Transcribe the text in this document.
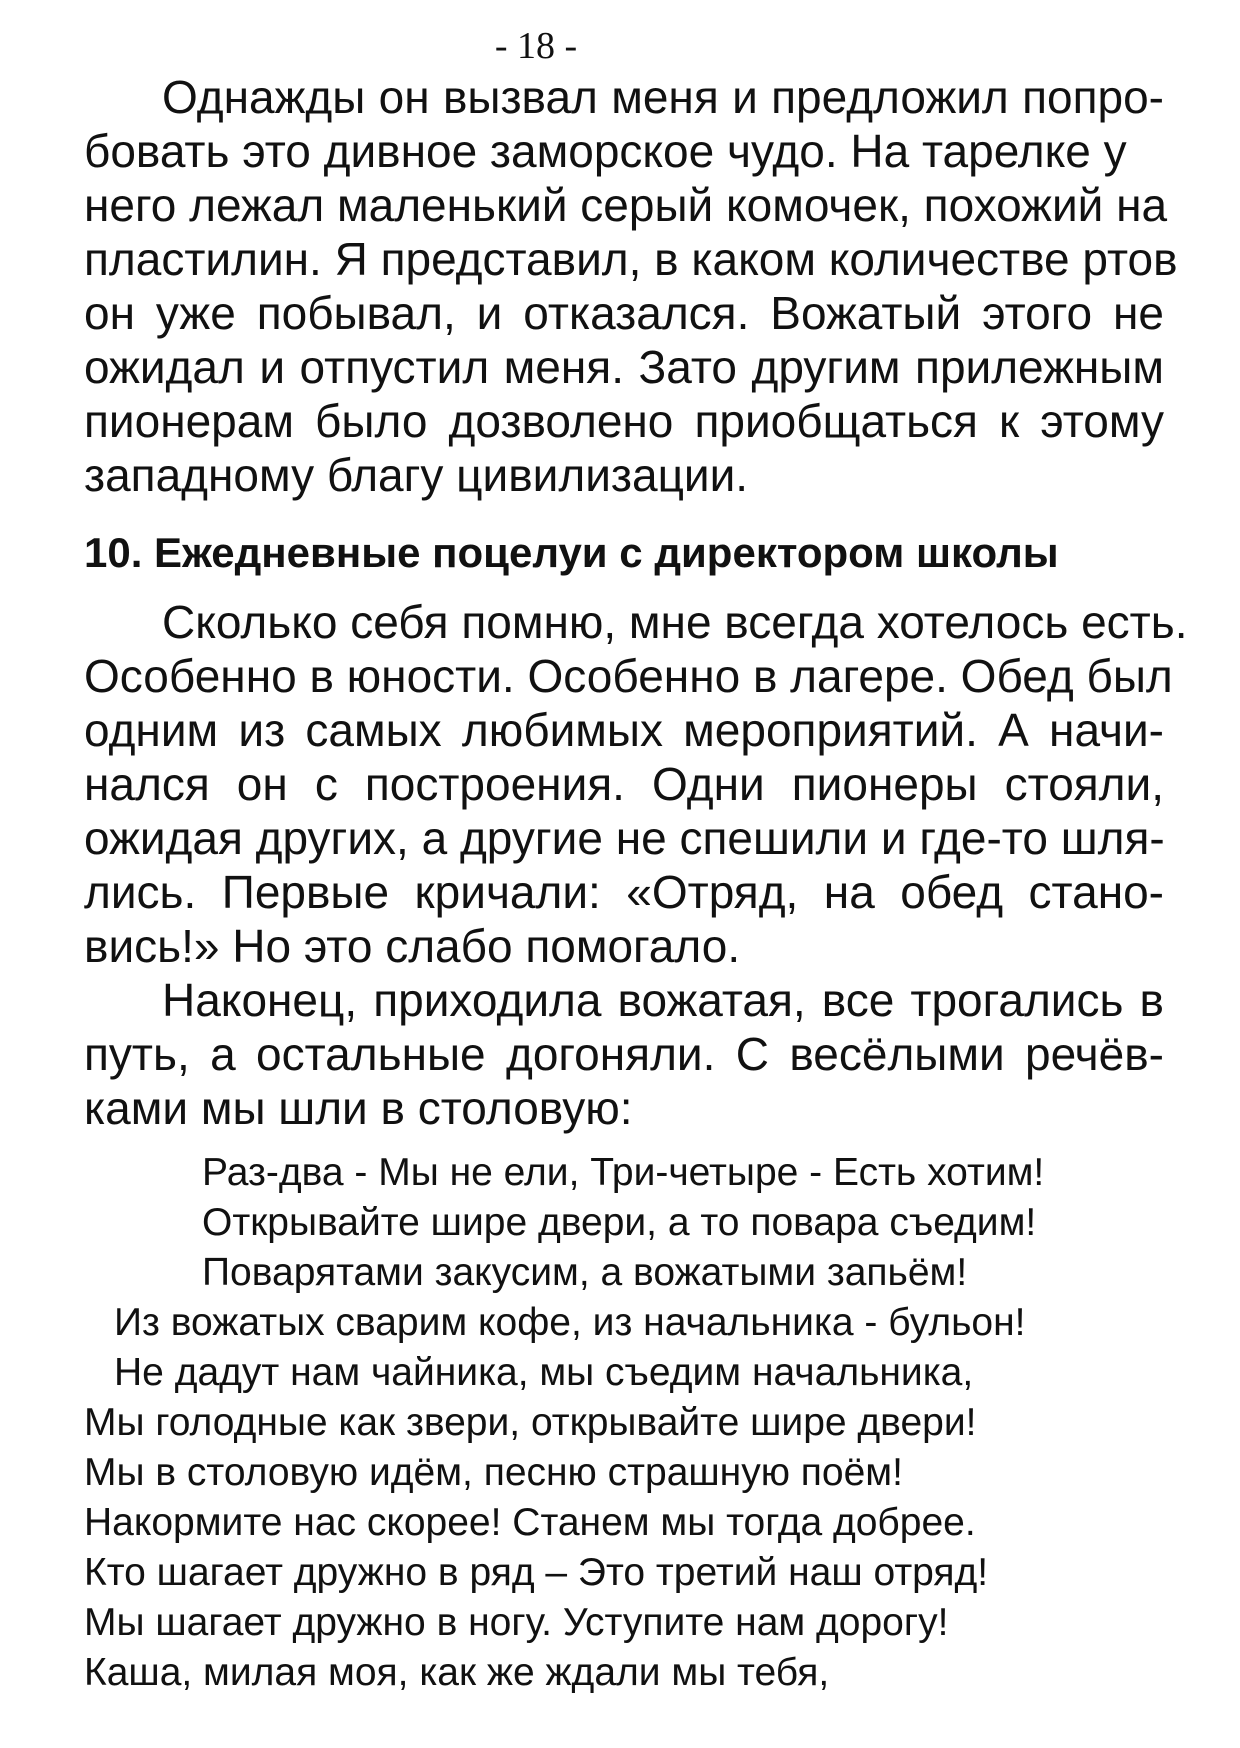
- 18 -
Однажды он вызвал меня и предложил попро-
бовать это дивное заморское чудо. На тарелке у
него лежал маленький серый комочек, похожий на
пластилин. Я представил, в каком количестве ртов
он уже побывал, и отказался. Вожатый этого не
ожидал и отпустил меня. Зато другим прилежным
пионерам было дозволено приобщаться к этому
западному благу цивилизации.
10. Ежедневные поцелуи с директором школы
Сколько себя помню, мне всегда хотелось есть.
Особенно в юности. Особенно в лагере. Обед был
одним из самых любимых мероприятий. А начи-
нался он с построения. Одни пионеры стояли,
ожидая других, а другие не спешили и где-то шля-
лись. Первые кричали: «Отряд, на обед стано-
вись!» Но это слабо помогало.
Наконец, приходила вожатая, все трогались в
путь, а остальные догоняли. С весёлыми речёв-
ками мы шли в столовую:
Раз-два - Мы не ели, Три-четыре - Есть хотим!
Открывайте шире двери, а то повара съедим!
Поварятами закусим, а вожатыми запьём!
Из вожатых сварим кофе, из начальника - бульон!
Не дадут нам чайника, мы съедим начальника,
Мы голодные как звери, открывайте шире двери!
Мы в столовую идём, песню страшную поём!
Накормите нас скорее! Станем мы тогда добрее.
Кто шагает дружно в ряд – Это третий наш отряд!
Мы шагает дружно в ногу. Уступите нам дорогу!
Каша, милая моя, как же ждали мы тебя,
